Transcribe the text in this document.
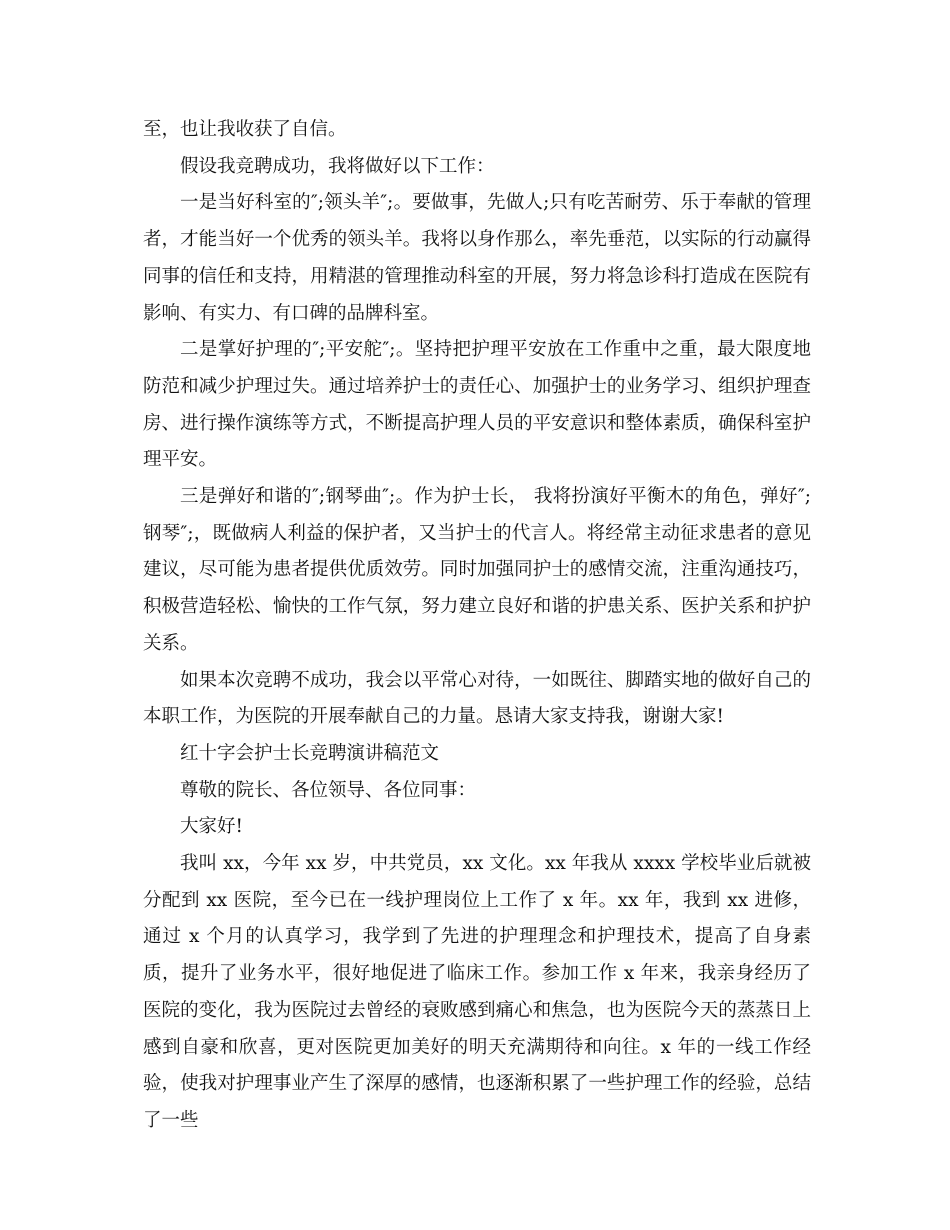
至，也让我收获了自信。

假设我竞聘成功，我将做好以下工作：

一是当好科室的″;领头羊″;。要做事，先做人;只有吃苦耐劳、乐于奉献的管理者，才能当好一个优秀的领头羊。我将以身作那么，率先垂范，以实际的行动赢得同事的信任和支持，用精湛的管理推动科室的开展，努力将急诊科打造成在医院有影响、有实力、有口碑的品牌科室。

二是掌好护理的″;平安舵″;。坚持把护理平安放在工作重中之重，最大限度地防范和减少护理过失。通过培养护士的责任心、加强护士的业务学习、组织护理查房、进行操作演练等方式，不断提高护理人员的平安意识和整体素质，确保科室护理平安。

三是弹好和谐的″;钢琴曲″;。作为护士长， 我将扮演好平衡木的角色，弹好″;钢琴″;，既做病人利益的保护者，又当护士的代言人。将经常主动征求患者的意见建议，尽可能为患者提供优质效劳。同时加强同护士的感情交流，注重沟通技巧，积极营造轻松、愉快的工作气氛，努力建立良好和谐的护患关系、医护关系和护护关系。

如果本次竞聘不成功，我会以平常心对待，一如既往、脚踏实地的做好自己的本职工作，为医院的开展奉献自己的力量。恳请大家支持我，谢谢大家!

红十字会护士长竞聘演讲稿范文

尊敬的院长、各位领导、各位同事：

大家好!

我叫 xx，今年 xx 岁，中共党员，xx 文化。xx 年我从 xxxx 学校毕业后就被分配到 xx 医院，至今已在一线护理岗位上工作了 x 年。xx 年，我到 xx 进修，通过 x 个月的认真学习，我学到了先进的护理理念和护理技术，提高了自身素质，提升了业务水平，很好地促进了临床工作。参加工作 x 年来，我亲身经历了医院的变化，我为医院过去曾经的衰败感到痛心和焦急，也为医院今天的蒸蒸日上感到自豪和欣喜，更对医院更加美好的明天充满期待和向往。x 年的一线工作经验，使我对护理事业产生了深厚的感情，也逐渐积累了一些护理工作的经验，总结了一些
